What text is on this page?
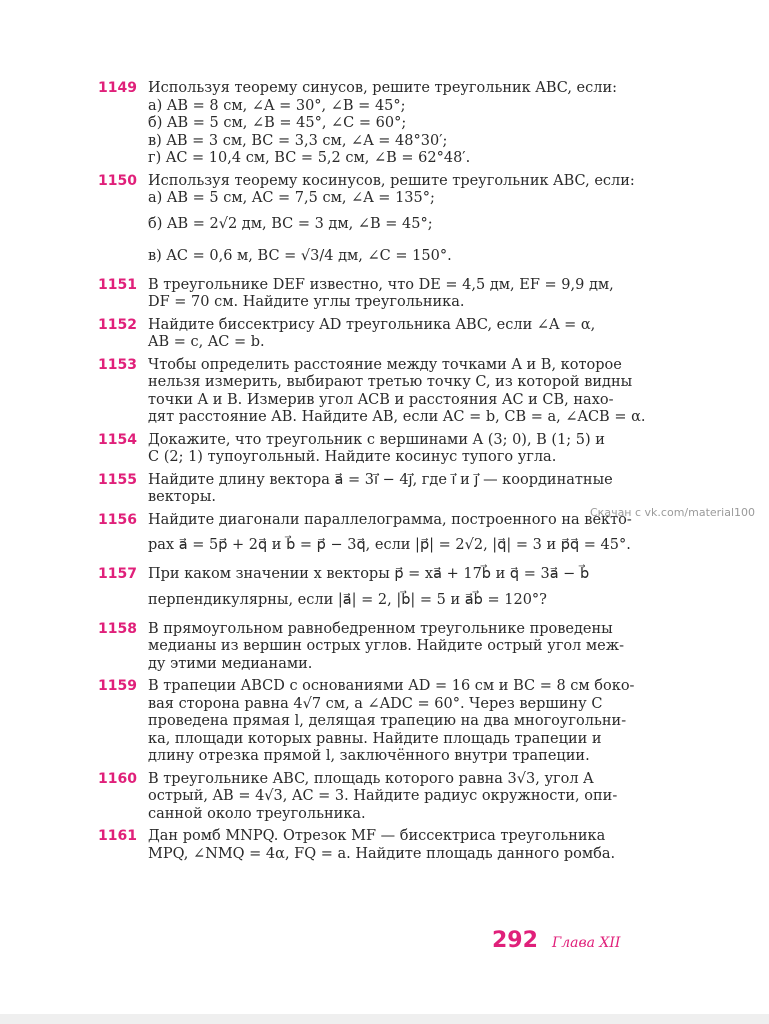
1149 Используя теорему синусов, решите треугольник ABC, если:
а) AB = 8 см, ∠A = 30°, ∠B = 45°;
б) AB = 5 см, ∠B = 45°, ∠C = 60°;
в) AB = 3 см, BC = 3,3 см, ∠A = 48°30′;
г) AC = 10,4 см, BC = 5,2 см, ∠B = 62°48′.
1150 Используя теорему косинусов, решите треугольник ABC, если:
а) AB = 5 см, AC = 7,5 см, ∠A = 135°;
б) AB = 2√2 дм, BC = 3 дм, ∠B = 45°;
в) AC = 0,6 м, BC = √3/4 дм, ∠C = 150°.
1151 В треугольнике DEF известно, что DE = 4,5 дм, EF = 9,9 дм,
DF = 70 см. Найдите углы треугольника.
1152 Найдите биссектрису AD треугольника ABC, если ∠A = α,
AB = c, AC = b.
1153 Чтобы определить расстояние между точками A и B, которое
нельзя измерить, выбирают третью точку C, из которой видны
точки A и B. Измерив угол ACB и расстояния AC и CB, нахо-
дят расстояние AB. Найдите AB, если AC = b, CB = a, ∠ACB = α.
1154 Докажите, что треугольник с вершинами A (3; 0), B (1; 5) и
C (2; 1) тупоугольный. Найдите косинус тупого угла.
1155 Найдите длину вектора a⃗ = 3i⃗ − 4j⃗, где i⃗ и j⃗ — координатные
векторы.
1156 Найдите диагонали параллелограмма, построенного на векто-
рах a⃗ = 5p⃗ + 2q⃗ и b⃗ = p⃗ − 3q⃗, если |p⃗| = 2√2, |q⃗| = 3 и p⃗q⃗ = 45°.
1157 При каком значении x векторы p⃗ = xa⃗ + 17b⃗ и q⃗ = 3a⃗ − b⃗
перпендикулярны, если |a⃗| = 2, |b⃗| = 5 и a⃗b⃗ = 120°?
1158 В прямоугольном равнобедренном треугольнике проведены
медианы из вершин острых углов. Найдите острый угол меж-
ду этими медианами.
1159 В трапеции ABCD с основаниями AD = 16 см и BC = 8 см боко-
вая сторона равна 4√7 см, а ∠ADC = 60°. Через вершину C
проведена прямая l, делящая трапецию на два многоугольни-
ка, площади которых равны. Найдите площадь трапеции и
длину отрезка прямой l, заключённого внутри трапеции.
1160 В треугольнике ABC, площадь которого равна 3√3, угол A
острый, AB = 4√3, AC = 3. Найдите радиус окружности, опи-
санной около треугольника.
1161 Дан ромб MNPQ. Отрезок MF — биссектриса треугольника
MPQ, ∠NMQ = 4α, FQ = a. Найдите площадь данного ромба.
Скачан с vk.com/material100
292 Глава XII
